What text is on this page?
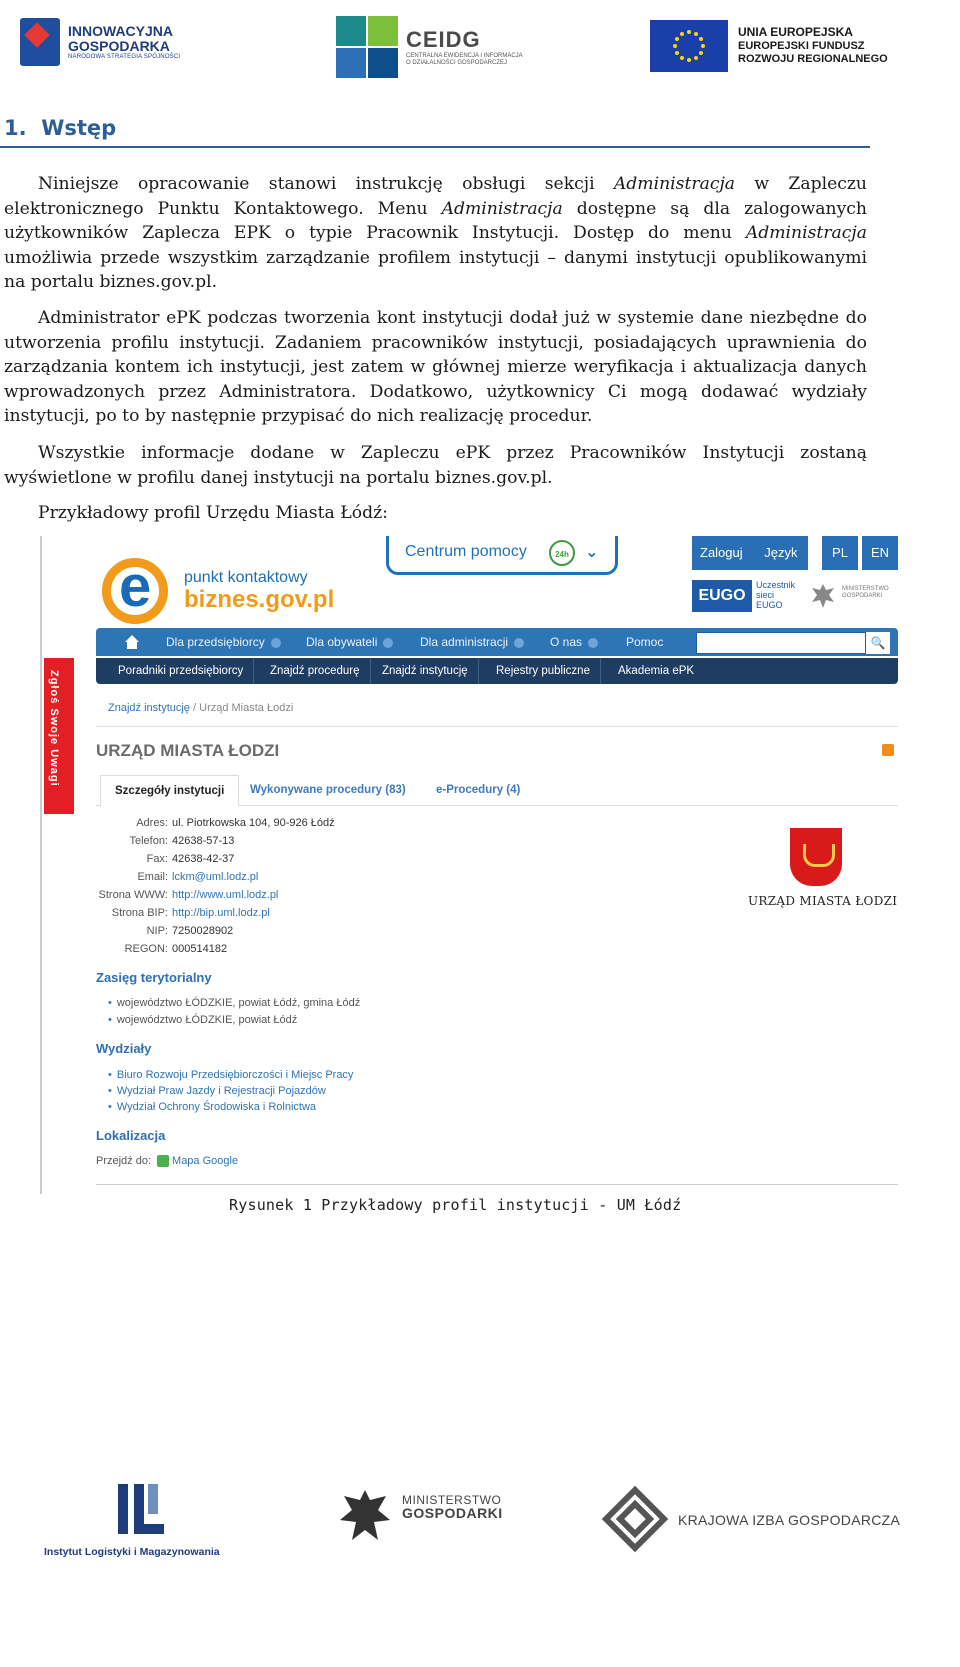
INNOWACYJNA
GOSPODARKA
NARODOWA STRATEGIA SPÓJNOŚCI
CEIDG
CENTRALNA EWIDENCJA I INFORMACJA O DZIAŁALNOŚCI GOSPODARCZEJ
UNIA EUROPEJSKA
EUROPEJSKI FUNDUSZ
ROZWOJU REGIONALNEGO
1. Wstęp

Niniejsze opracowanie stanowi instrukcję obsługi sekcji Administracja w Zapleczu elektronicznego Punktu Kontaktowego. Menu Administracja dostępne są dla zalogowanych użytkowników Zaplecza EPK o typie Pracownik Instytucji. Dostęp do menu Administracja umożliwia przede wszystkim zarządzanie profilem instytucji – danymi instytucji opublikowanymi na portalu biznes.gov.pl.

Administrator ePK podczas tworzenia kont instytucji dodał już w systemie dane niezbędne do utworzenia profilu instytucji. Zadaniem pracowników instytucji, posiadających uprawnienia do zarządzania kontem ich instytucji, jest zatem w głównej mierze weryfikacja i aktualizacja danych wprowadzonych przez Administratora. Dodatkowo, użytkownicy Ci mogą dodawać wydziały instytucji, po to by następnie przypisać do nich realizację procedur.

Wszystkie informacje dodane w Zapleczu ePK przez Pracowników Instytucji zostaną wyświetlone w profilu danej instytucji na portalu biznes.gov.pl.

Przykładowy profil Urzędu Miasta Łódź:

e
punkt kontaktowy
biznes.gov.pl
Centrum pomocy	24h	⌄	Zaloguj Język	PL	EN
EUGO
Uczestnik
sieci
EUGO
MINISTERSTWO
GOSPODARKI
Dla przedsiębiorcy	Dla obywateli	Dla administracji	O nas	Pomoc	🔍
Poradniki przedsiębiorcy	Znajdź procedurę	Znajdź instytucję	Rejestry publiczne	Akademia ePK
Zgłoś Swoje Uwagi	Znajdź instytucję / Urząd Miasta Łodzi
URZĄD MIASTA ŁODZI
Szczegóły instytucji	Wykonywane procedury (83)	e-Procedury (4)
Adres: ul. Piotrkowska 104, 90-926 Łódź
Telefon: 42638-57-13
Fax: 42638-42-37
Email: lckm@uml.lodz.pl
Strona WWW: http://www.uml.lodz.pl
Strona BIP: http://bip.uml.lodz.pl
NIP: 7250028902
REGON: 000514182
URZĄD MIASTA ŁODZI
Zasięg terytorialny
• województwo ŁÓDZKIE, powiat Łódź, gmina Łódź
• województwo ŁÓDZKIE, powiat Łódź
Wydziały
• Biuro Rozwoju Przedsiębiorczości i Miejsc Pracy
• Wydział Praw Jazdy i Rejestracji Pojazdów
• Wydział Ochrony Środowiska i Rolnictwa
Lokalizacja
Przejdź do: Mapa Google
Rysunek 1 Przykładowy profil instytucji - UM Łódź
Instytut Logistyki i Magazynowania
MINISTERSTWO
GOSPODARKI	KRAJOWA IZBA GOSPODARCZA
